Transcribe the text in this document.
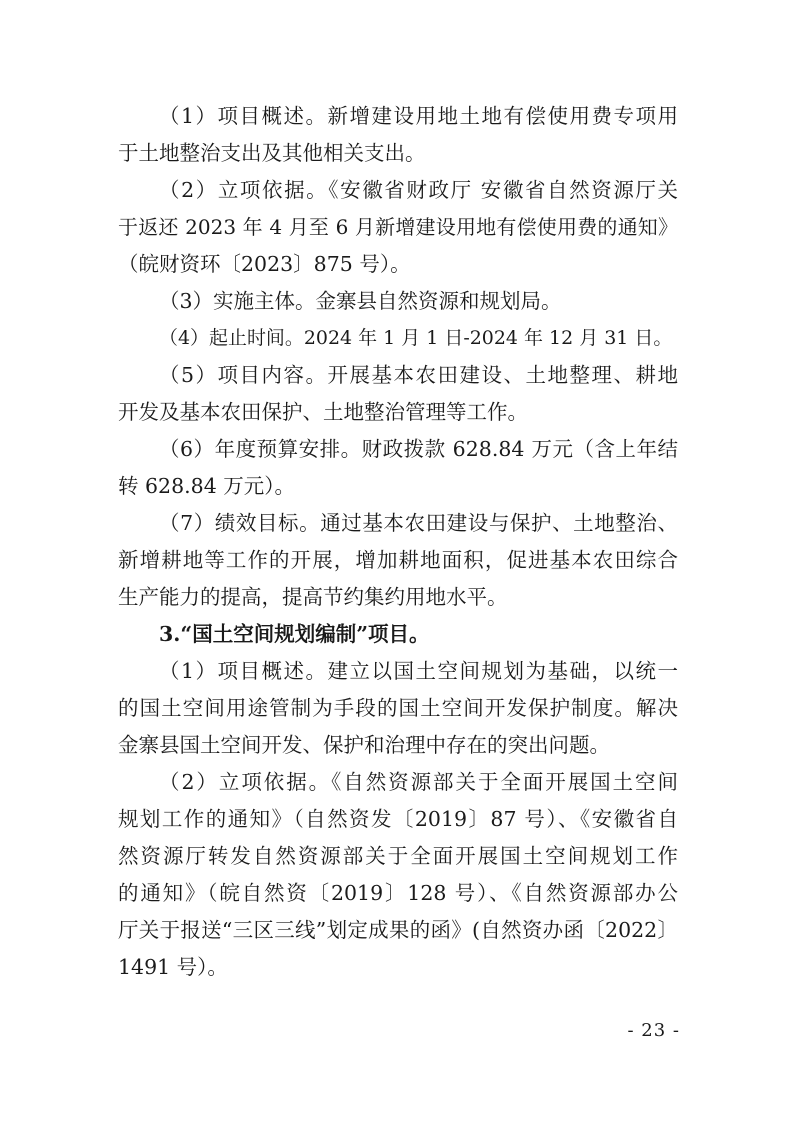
（1）项目概述。新增建设用地土地有偿使用费专项用
于土地整治支出及其他相关支出。
（2）立项依据。《安徽省财政厅 安徽省自然资源厅关
于返还 2023 年 4 月至 6 月新增建设用地有偿使用费的通知》
（皖财资环〔2023〕875 号）。
（3）实施主体。金寨县自然资源和规划局。
（4）起止时间。2024 年 1 月 1 日-2024 年 12 月 31 日。
（5）项目内容。开展基本农田建设、土地整理、耕地
开发及基本农田保护、土地整治管理等工作。
（6）年度预算安排。财政拨款 628.84 万元（含上年结
转 628.84 万元）。
（7）绩效目标。通过基本农田建设与保护、土地整治、
新增耕地等工作的开展，增加耕地面积，促进基本农田综合
生产能力的提高，提高节约集约用地水平。
3.“国土空间规划编制”项目。
（1）项目概述。建立以国土空间规划为基础，以统一
的国土空间用途管制为手段的国土空间开发保护制度。解决
金寨县国土空间开发、保护和治理中存在的突出问题。
（2）立项依据。《自然资源部关于全面开展国土空间
规划工作的通知》（自然资发〔2019〕87 号）、《安徽省自
然资源厅转发自然资源部关于全面开展国土空间规划工作
的通知》（皖自然资〔2019〕128 号）、《自然资源部办公
厅关于报送“三区三线”划定成果的函》(自然资办函〔2022〕
1491 号）。
- 23 -
